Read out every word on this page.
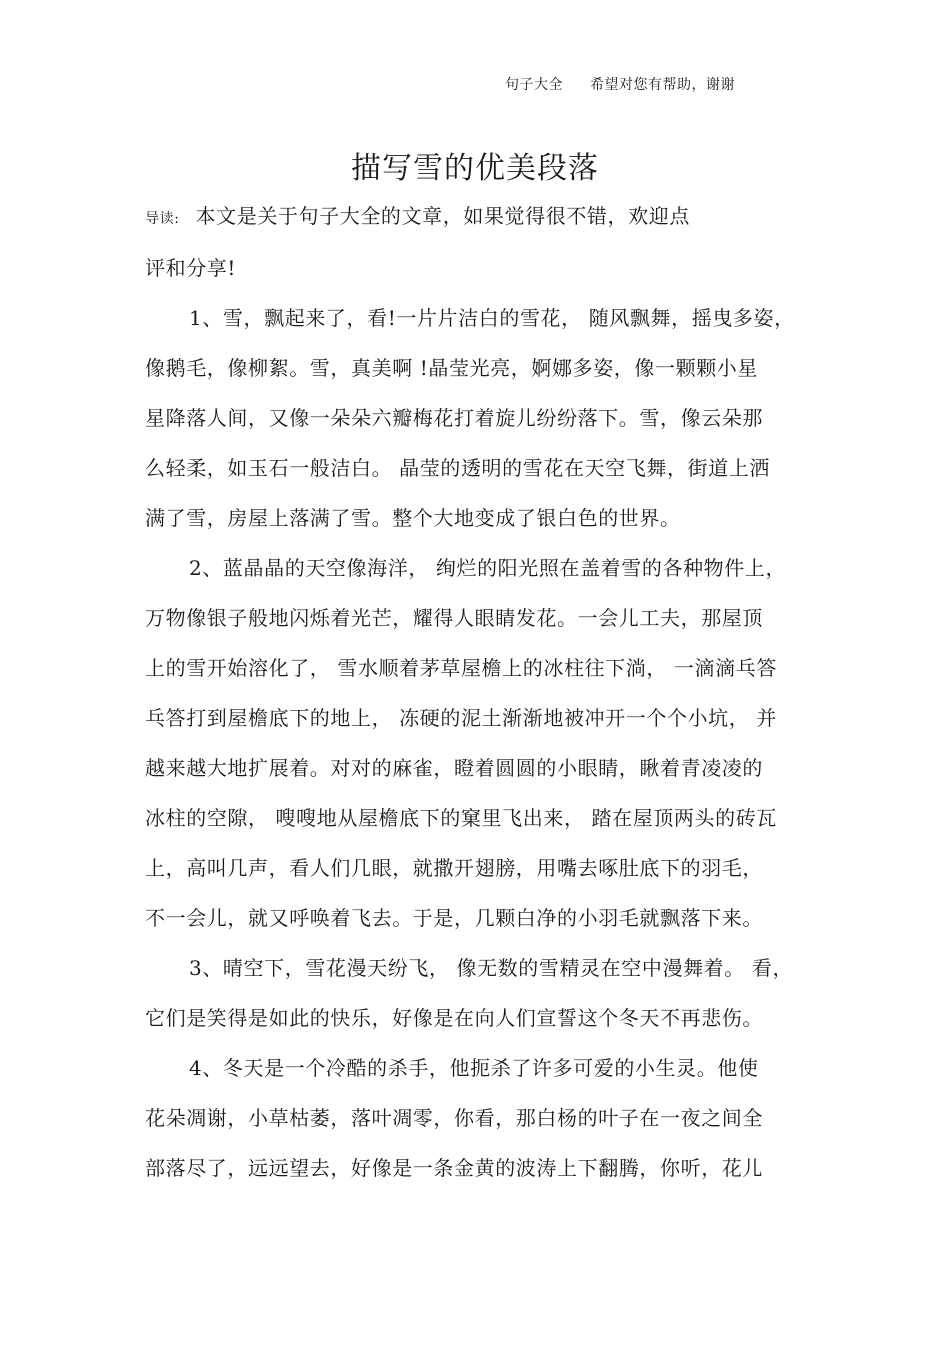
句子大全 希望对您有帮助，谢谢
描写雪的优美段落
导读: 本文是关于句子大全的文章，如果觉得很不错，欢迎点
评和分享!
1、雪，飘起来了，看!一片片洁白的雪花， 随风飘舞，摇曳多姿，
像鹅毛，像柳絮。雪，真美啊 !晶莹光亮，婀娜多姿，像一颗颗小星
星降落人间，又像一朵朵六瓣梅花打着旋儿纷纷落下。雪，像云朵那
么轻柔，如玉石一般洁白。 晶莹的透明的雪花在天空飞舞，街道上洒
满了雪，房屋上落满了雪。整个大地变成了银白色的世界。
2、蓝晶晶的天空像海洋， 绚烂的阳光照在盖着雪的各种物件上，
万物像银子般地闪烁着光芒，耀得人眼睛发花。一会儿工夫，那屋顶
上的雪开始溶化了， 雪水顺着茅草屋檐上的冰柱往下淌， 一滴滴乓答
乓答打到屋檐底下的地上， 冻硬的泥土渐渐地被冲开一个个小坑， 并
越来越大地扩展着。对对的麻雀，瞪着圆圆的小眼睛，瞅着青凌凌的
冰柱的空隙， 嗖嗖地从屋檐底下的窠里飞出来， 踏在屋顶两头的砖瓦
上，高叫几声，看人们几眼，就撒开翅膀，用嘴去啄肚底下的羽毛，
不一会儿，就又呼唤着飞去。于是，几颗白净的小羽毛就飘落下来。
3、晴空下，雪花漫天纷飞， 像无数的雪精灵在空中漫舞着。 看，
它们是笑得是如此的快乐，好像是在向人们宣誓这个冬天不再悲伤。
4、冬天是一个冷酷的杀手，他扼杀了许多可爱的小生灵。他使
花朵凋谢，小草枯萎，落叶凋零，你看，那白杨的叶子在一夜之间全
部落尽了，远远望去，好像是一条金黄的波涛上下翻腾，你听，花儿
